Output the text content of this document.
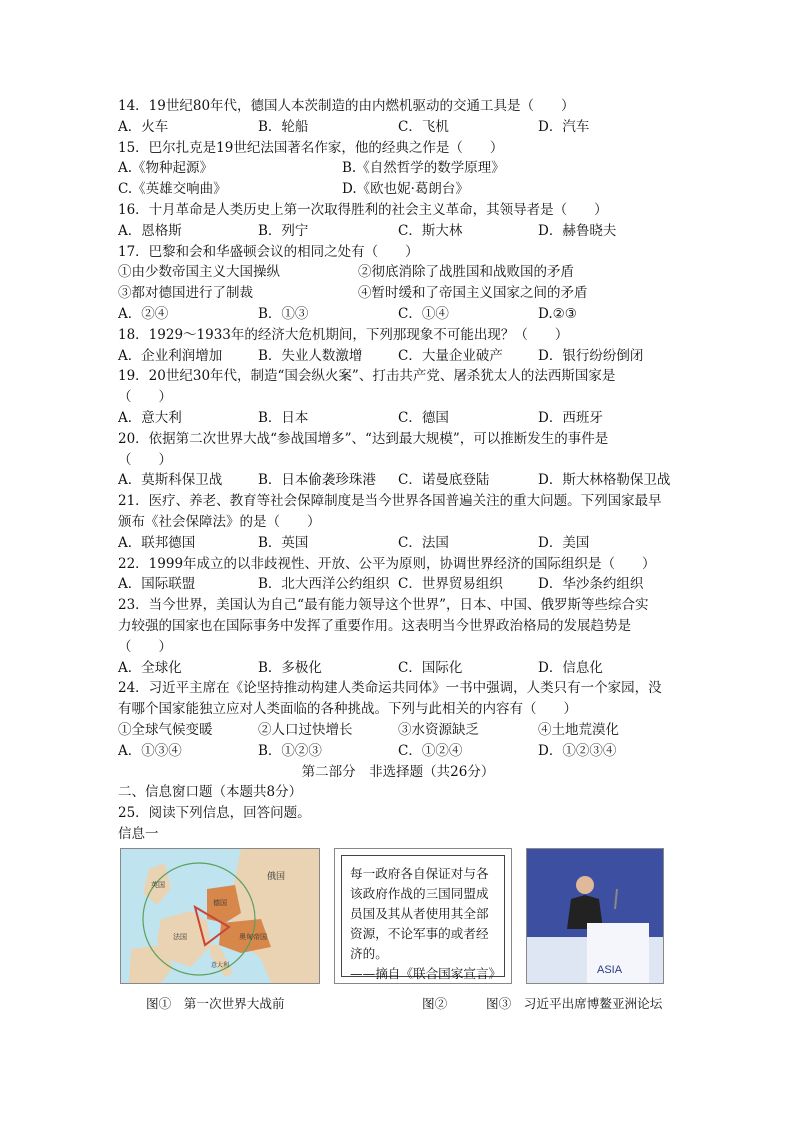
14．19世纪80年代，德国人本茨制造的由内燃机驱动的交通工具是（　　）
A．火车	B．轮船	C．飞机	D．汽车
15．巴尔扎克是19世纪法国著名作家，他的经典之作是（　　）
A.《物种起源》	B.《自然哲学的数学原理》
C.《英雄交响曲》	D.《欧也妮·葛朗台》
16．十月革命是人类历史上第一次取得胜利的社会主义革命，其领导者是（　　）
A．恩格斯	B．列宁	C．斯大林	D．赫鲁晓夫
17．巴黎和会和华盛顿会议的相同之处有（　　）
①由少数帝国主义大国操纵	②彻底消除了战胜国和战败国的矛盾
③都对德国进行了制裁	④暂时缓和了帝国主义国家之间的矛盾
A．②④	B．①③	C．①④	D.②③
18．1929～1933年的经济大危机期间，下列那现象不可能出现？（　　）
A．企业利润增加	B．失业人数激增	C．大量企业破产	D．银行纷纷倒闭
19．20世纪30年代，制造“国会纵火案”、打击共产党、屠杀犹太人的法西斯国家是
（　　）
A．意大利	B．日本	C．德国	D．西班牙
20．依据第二次世界大战“参战国增多”、“达到最大规模”，可以推断发生的事件是
（　　）
A．莫斯科保卫战	B．日本偷袭珍珠港	C．诺曼底登陆	D．斯大林格勒保卫战
21．医疗、养老、教育等社会保障制度是当今世界各国普遍关注的重大问题。下列国家最早
颁布《社会保障法》的是（　　）
A．联邦德国	B．英国	C．法国	D．美国
22．1999年成立的以非歧视性、开放、公平为原则，协调世界经济的国际组织是（　　）
A．国际联盟	B．北大西洋公约组织 C．世界贸易组织	D．华沙条约组织
23．当今世界，美国认为自己“最有能力领导这个世界”，日本、中国、俄罗斯等些综合实
力较强的国家也在国际事务中发挥了重要作用。这表明当今世界政治格局的发展趋势是
（　　）
A．全球化	B．多极化	C．国际化	D．信息化
24．习近平主席在《论坚持推动构建人类命运共同体》一书中强调，人类只有一个家园，没
有哪个国家能独立应对人类面临的各种挑战。下列与此相关的内容有（　　）
①全球气候变暖	②人口过快增长	③水资源缺乏	④土地荒漠化
A．①③④	B．①②③	C．①②④	D．①②③④
第二部分　非选择题（共26分）
二、信息窗口题（本题共8分）
25．阅读下列信息，回答问题。
信息一
俄国
奥匈帝国
德国
法国
意大利
英国
每一政府各自保证对与各该政府作战的三国同盟成员国及其从者使用其全部资源，不论军事的或者经济的。
——摘自《联合国家宣言》	ASIA
图①　第一次世界大战前	图②	图③　习近平出席博鳌亚洲论坛
